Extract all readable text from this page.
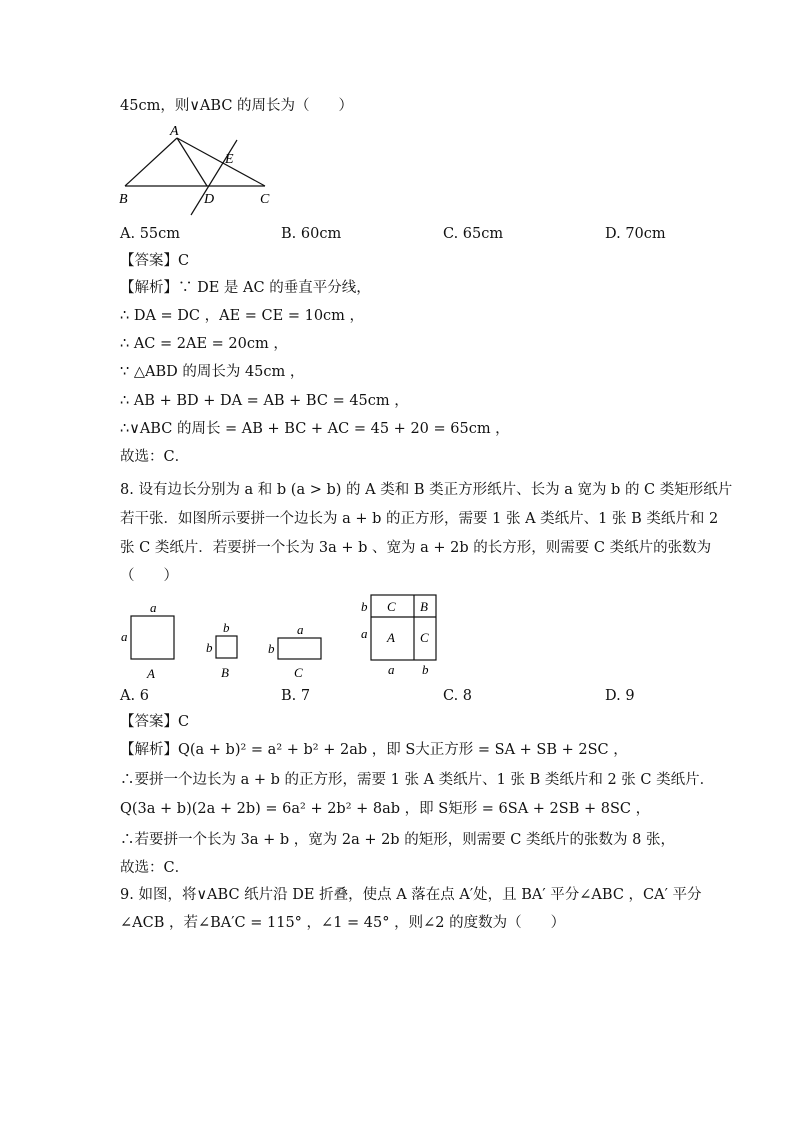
45cm，则∨ABC 的周长为（　　）
A
E
B	D	C
A. 55cm	B. 60cm	C. 65cm	D. 70cm
【答案】C
【解析】∵ DE 是 AC 的垂直平分线，
∴ DA = DC ，AE = CE = 10cm ，
∴ AC = 2AE = 20cm ，
∵ △ABD 的周长为 45cm ，
∴ AB + BD + DA = AB + BC = 45cm ，
∴∨ABC 的周长 = AB + BC + AC = 45 + 20 = 65cm ，
故选：C．
8. 设有边长分别为 a 和 b (a > b) 的 A 类和 B 类正方形纸片、长为 a 宽为 b 的 C 类矩形纸片
若干张．如图所示要拼一个边长为 a + b 的正方形，需要 1 张 A 类纸片、1 张 B 类纸片和 2
张 C 类纸片．若要拼一个长为 3a + b 、宽为 a + 2b 的长方形，则需要 C 类纸片的张数为
（　　）
a
a
A
b
b
B
a
b
C
C B
A C
b
a
a b
A. 6	B. 7	C. 8	D. 9
【答案】C
【解析】Q(a + b)² = a² + b² + 2ab ，即 S大正方形 = SA + SB + 2SC ，
∴要拼一个边长为 a + b 的正方形，需要 1 张 A 类纸片、1 张 B 类纸片和 2 张 C 类纸片．
Q(3a + b)(2a + 2b) = 6a² + 2b² + 8ab ，即 S矩形 = 6SA + 2SB + 8SC ，
∴若要拼一个长为 3a + b ，宽为 2a + 2b 的矩形，则需要 C 类纸片的张数为 8 张，
故选：C．
9. 如图，将∨ABC 纸片沿 DE 折叠，使点 A 落在点 A′处，且 BA′ 平分∠ABC ，CA′ 平分
∠ACB ，若∠BA′C = 115° ，∠1 = 45° ，则∠2 的度数为（　　）
